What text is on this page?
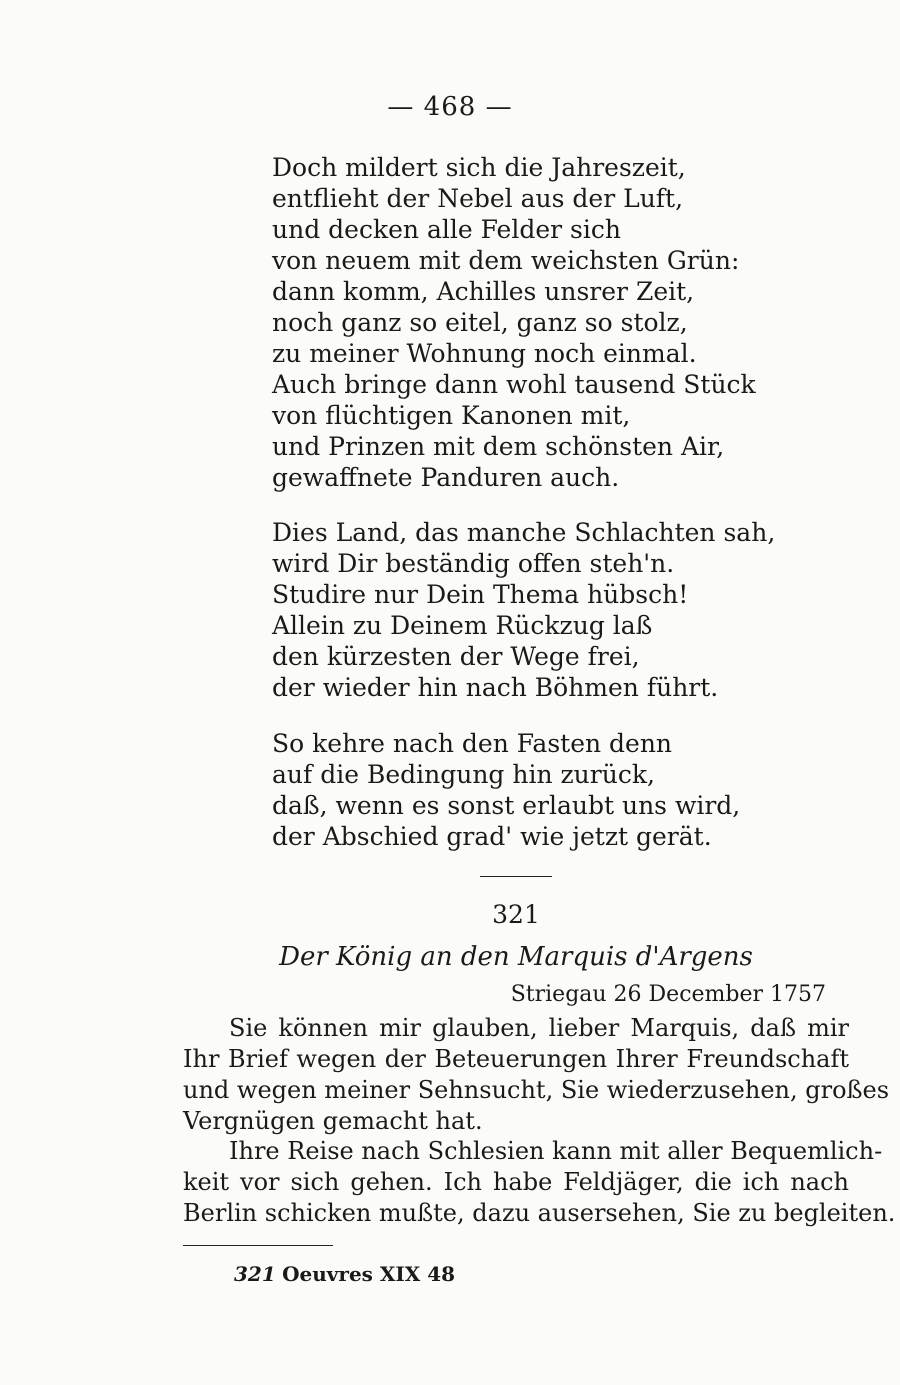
— 468 —
Doch mildert sich die Jahreszeit,
entflieht der Nebel aus der Luft,
und decken alle Felder sich
von neuem mit dem weichsten Grün:
dann komm, Achilles unsrer Zeit,
noch ganz so eitel, ganz so stolz,
zu meiner Wohnung noch einmal.
Auch bringe dann wohl tausend Stück
von flüchtigen Kanonen mit,
und Prinzen mit dem schönsten Air,
gewaffnete Panduren auch.
Dies Land, das manche Schlachten sah,
wird Dir beständig offen steh'n.
Studire nur Dein Thema hübsch!
Allein zu Deinem Rückzug laß
den kürzesten der Wege frei,
der wieder hin nach Böhmen führt.
So kehre nach den Fasten denn
auf die Bedingung hin zurück,
daß, wenn es sonst erlaubt uns wird,
der Abschied grad' wie jetzt gerät.
321
Der König an den Marquis d'Argens
Striegau 26 December 1757
Sie können mir glauben, lieber Marquis, daß mir
Ihr Brief wegen der Beteuerungen Ihrer Freundschaft
und wegen meiner Sehnsucht, Sie wiederzusehen, großes
Vergnügen gemacht hat.
Ihre Reise nach Schlesien kann mit aller Bequemlich-
keit vor sich gehen. Ich habe Feldjäger, die ich nach
Berlin schicken mußte, dazu ausersehen, Sie zu begleiten.
321 Oeuvres XIX 48
